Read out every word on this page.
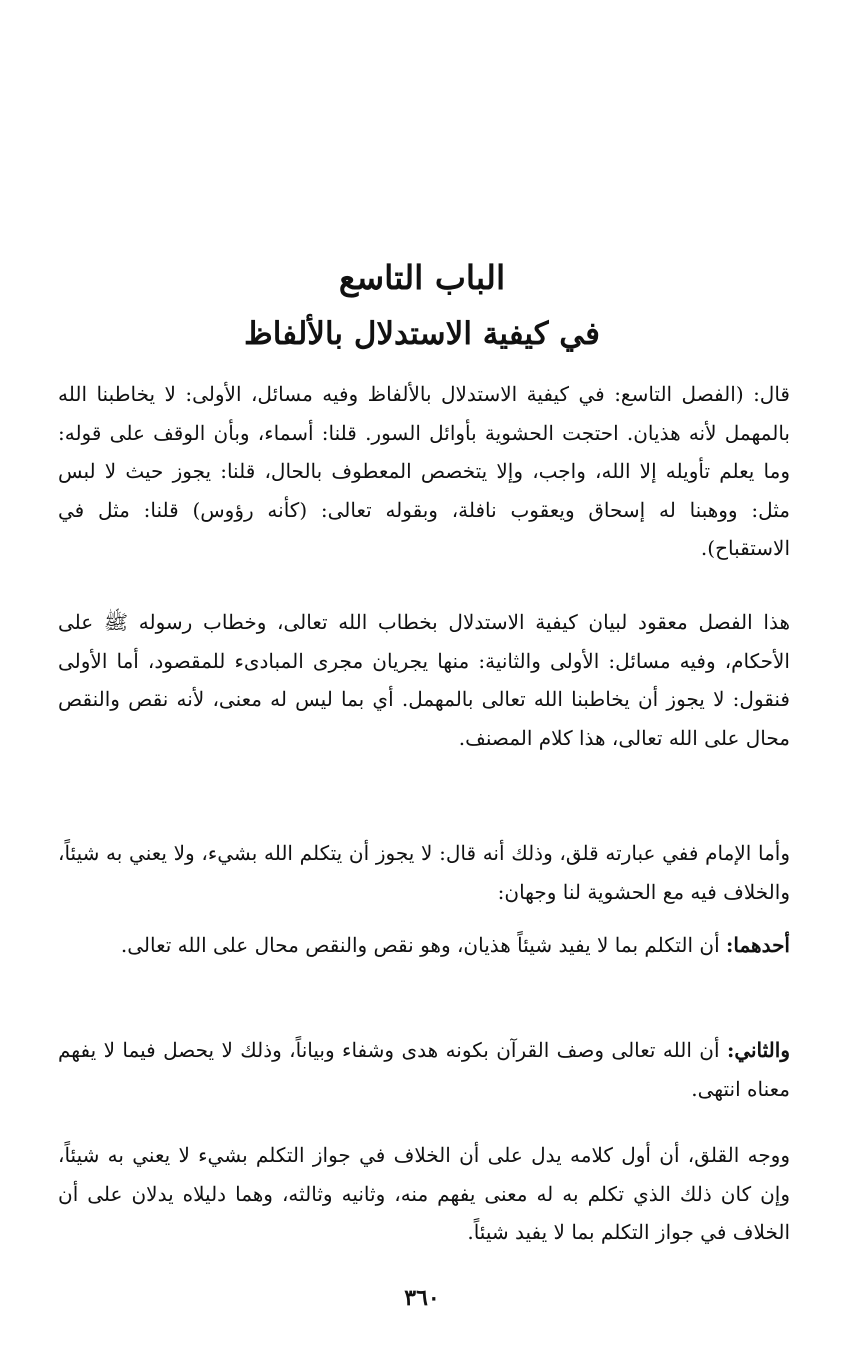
الباب التاسع
في كيفية الاستدلال بالألفاظ

قال: (الفصل التاسع: في كيفية الاستدلال بالألفاظ وفيه مسائل، الأولى: لا يخاطبنا الله بالمهمل لأنه هذيان. احتجت الحشوية بأوائل السور. قلنا: أسماء، وبأن الوقف على قوله: وما يعلم تأويله إلا الله، واجب، وإلا يتخصص المعطوف بالحال، قلنا: يجوز حيث لا لبس مثل: ووهبنا له إسحاق ويعقوب نافلة، وبقوله تعالى: (كأنه رؤوس) قلنا: مثل في الاستقباح).

هذا الفصل معقود لبيان كيفية الاستدلال بخطاب الله تعالى، وخطاب رسوله ﷺ على الأحكام، وفيه مسائل: الأولى والثانية: منها يجريان مجرى المبادىء للمقصود، أما الأولى فنقول: لا يجوز أن يخاطبنا الله تعالى بالمهمل. أي بما ليس له معنى، لأنه نقص والنقص محال على الله تعالى، هذا كلام المصنف.

وأما الإمام ففي عبارته قلق، وذلك أنه قال: لا يجوز أن يتكلم الله بشيء، ولا يعني به شيئاً، والخلاف فيه مع الحشوية لنا وجهان:

أحدهما: أن التكلم بما لا يفيد شيئاً هذيان، وهو نقص والنقص محال على الله تعالى.

والثاني: أن الله تعالى وصف القرآن بكونه هدى وشفاء وبياناً، وذلك لا يحصل فيما لا يفهم معناه انتهى.

ووجه القلق، أن أول كلامه يدل على أن الخلاف في جواز التكلم بشيء لا يعني به شيئاً، وإن كان ذلك الذي تكلم به له معنى يفهم منه، وثانيه وثالثه، وهما دليلاه يدلان على أن الخلاف في جواز التكلم بما لا يفيد شيئاً.

٣٦٠
